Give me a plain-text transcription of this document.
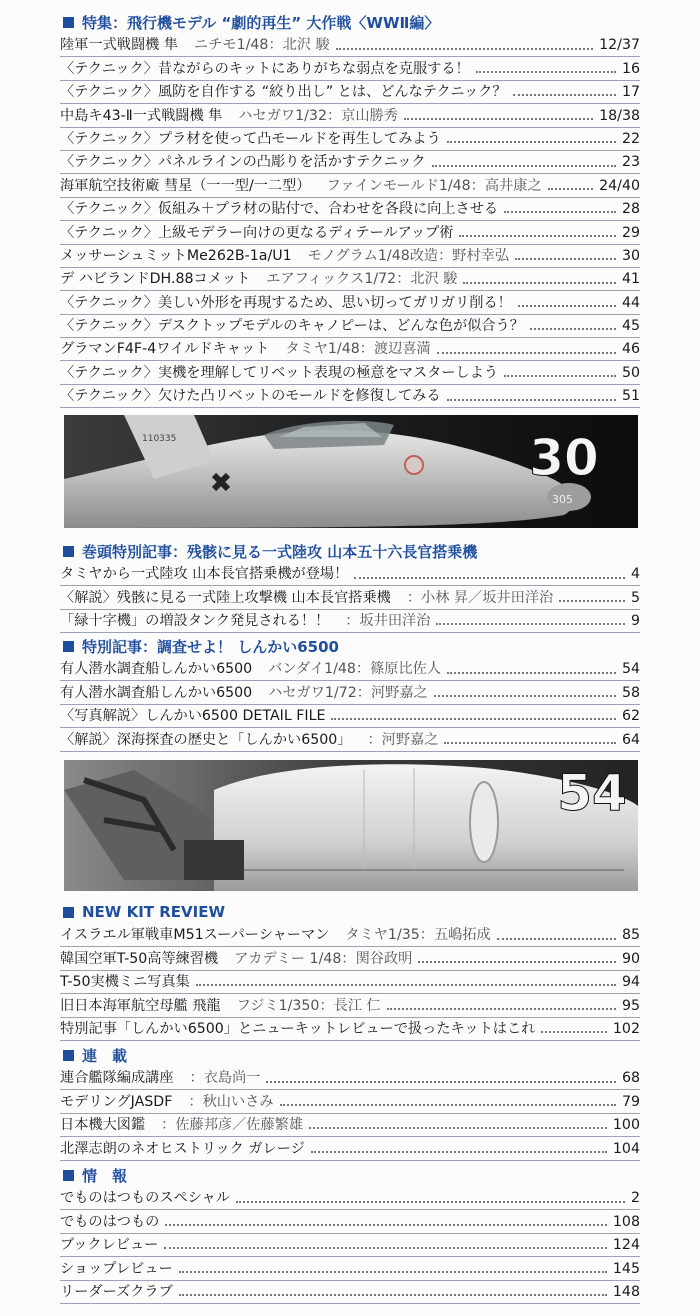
特集：飛行機モデル “劇的再生” 大作戦〈WWⅡ編〉
陸軍一式戦闘機 隼 ニチモ1/48：北沢 駿	12/37
〈テクニック〉昔ながらのキットにありがちな弱点を克服する！	16
〈テクニック〉風防を自作する “絞り出し” とは、どんなテクニック？	17
中島キ43-Ⅱ一式戦闘機 隼 ハセガワ1/32：京山勝秀	18/38
〈テクニック〉プラ材を使って凸モールドを再生してみよう	22
〈テクニック〉パネルラインの凸彫りを活かすテクニック	23
海軍航空技術廠 彗星（一一型/一二型） ファインモールド1/48：高井康之	24/40
〈テクニック〉仮組み＋プラ材の貼付で、合わせを各段に向上させる	28
〈テクニック〉上級モデラー向けの更なるディテールアップ術	29
メッサーシュミットMe262B-1a/U1 モノグラム1/48改造：野村幸弘	30
デ ハビランドDH.88コメット エアフィックス1/72：北沢 駿	41
〈テクニック〉美しい外形を再現するため、思い切ってガリガリ削る！	44
〈テクニック〉デスクトップモデルのキャノピーは、どんな色が似合う？	45
グラマンF4F-4ワイルドキャット タミヤ1/48：渡辺喜満	46
〈テクニック〉実機を理解してリベット表現の極意をマスターしよう	50
〈テクニック〉欠けた凸リベットのモールドを修復してみる	51
110335
305
30
巻頭特別記事：残骸に見る一式陸攻 山本五十六長官搭乗機
タミヤから一式陸攻 山本長官搭乗機が登場！	4
〈解説〉残骸に見る一式陸上攻撃機 山本長官搭乗機 ：小林 昇／坂井田洋治	5
「緑十字機」の増設タンク発見される！！ ：坂井田洋治	9
特別記事：調査せよ！ しんかい6500
有人潜水調査船しんかい6500 バンダイ1/48：篠原比佐人	54
有人潜水調査船しんかい6500 ハセガワ1/72：河野嘉之	58
〈写真解説〉しんかい6500 DETAIL FILE	62
〈解説〉深海探査の歴史と「しんかい6500」 ：河野嘉之	64
54
NEW KIT REVIEW
イスラエル軍戦車M51スーパーシャーマン タミヤ1/35：五嶋拓成	85
韓国空軍T-50高等練習機 アカデミー 1/48：関谷政明	90
T-50実機ミニ写真集	94
旧日本海軍航空母艦 飛龍 フジミ1/350：長江 仁	95
特別記事「しんかい6500」とニューキットレビューで扱ったキットはこれ	102
連　載
連合艦隊編成講座 ：衣島尚一	68
モデリングJASDF ：秋山いさみ	79
日本機大図鑑 ：佐藤邦彦／佐藤繁雄	100
北澤志朗のネオヒストリック ガレージ	104
情　報
でものはつものスペシャル	2
でものはつもの	108
ブックレビュー	124
ショップレビュー	145
リーダーズクラブ	148
